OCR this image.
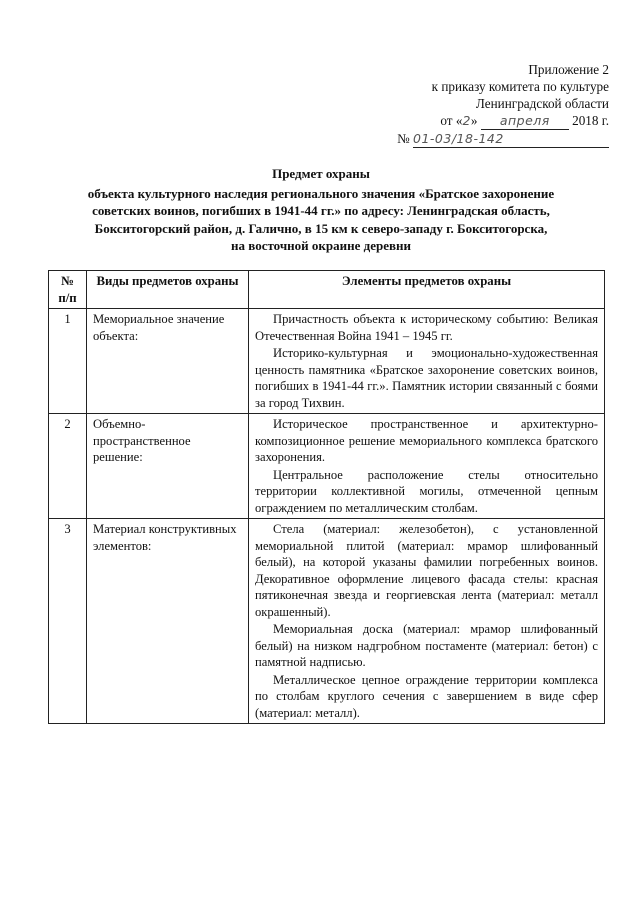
Приложение 2
к приказу комитета по культуре
Ленинградской области
от «2» апреля 2018 г.
№ 01-03/18-142
Предмет охраны
объекта культурного наследия регионального значения «Братское захоронение
советских воинов, погибших в 1941-44 гг.» по адресу: Ленинградская область,
Бокситогорский район, д. Галично, в 15 км к северо-западу г. Бокситогорска,
на восточной окраине деревни
№ п/п	Виды предметов охраны	Элементы предметов охраны
1	Мемориальное значение объекта:	Причастность объекта к историческому событию: Великая Отечественная Война 1941 – 1945 гг.

Историко-культурная и эмоционально-художественная ценность памятника «Братское захоронение советских воинов, погибших в 1941-44 гг.». Памятник истории связанный с боями за город Тихвин.

2	Объемно-пространственное решение:	Историческое пространственное и архитектурно-композиционное решение мемориального комплекса братского захоронения.

Центральное расположение стелы относительно территории коллективной могилы, отмеченной цепным ограждением по металлическим столбам.

3	Материал конструктивных элементов:	Стела (материал: железобетон), с установленной мемориальной плитой (материал: мрамор шлифованный белый), на которой указаны фамилии погребенных воинов. Декоративное оформление лицевого фасада стелы: красная пятиконечная звезда и георгиевская лента (материал: металл окрашенный).

Мемориальная доска (материал: мрамор шлифованный белый) на низком надгробном постаменте (материал: бетон) с памятной надписью.

Металлическое цепное ограждение территории комплекса по столбам круглого сечения с завершением в виде сфер (материал: металл).
